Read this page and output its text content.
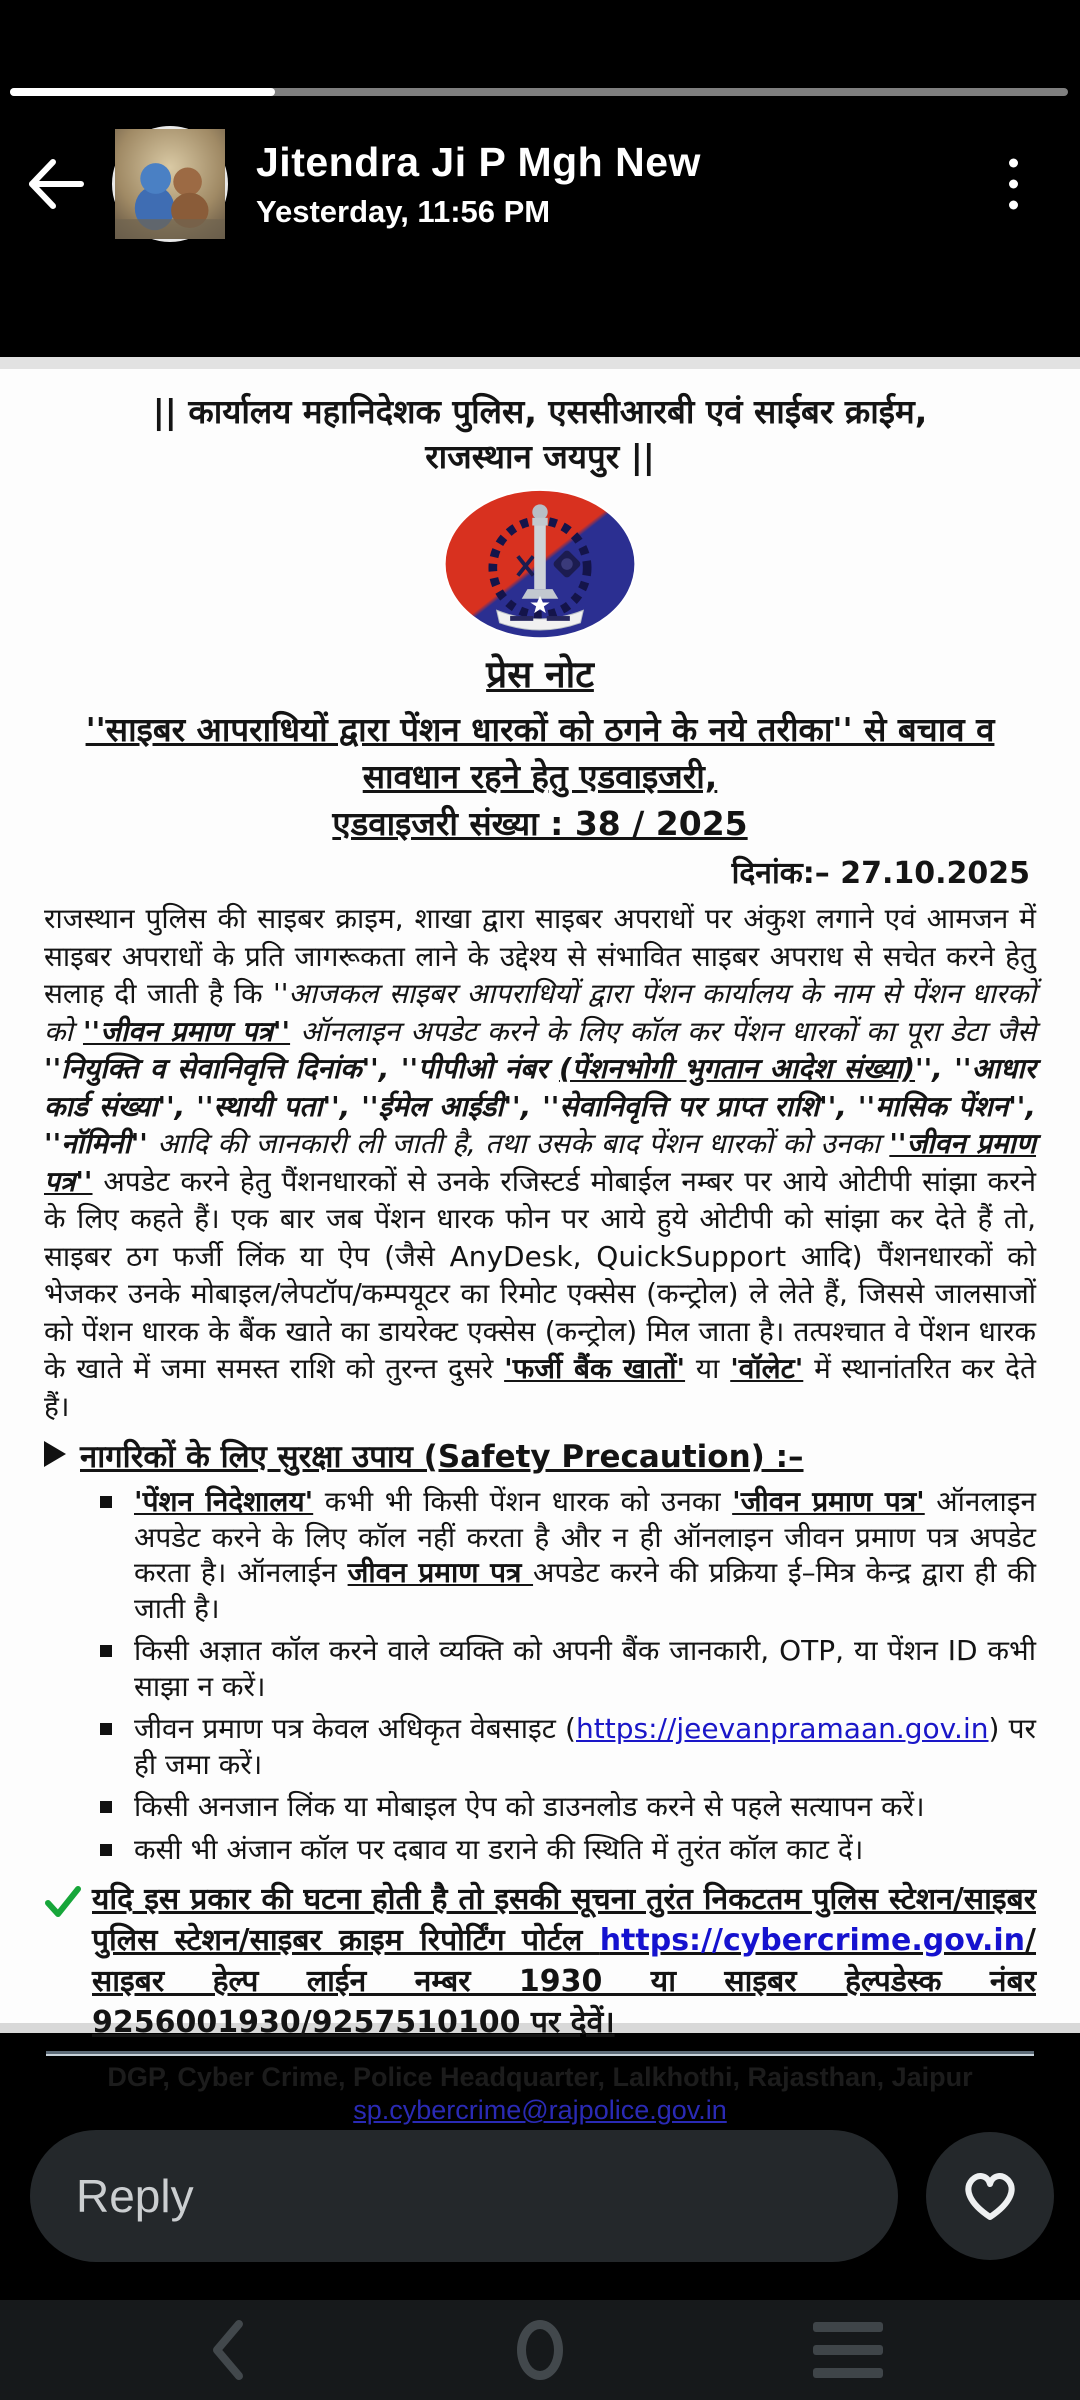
Jitendra Ji P Mgh New
Yesterday, 11:56 PM
|| कार्यालय महानिदेशक पुलिस, एससीआरबी एवं साईबर क्राईम,
राजस्थान जयपुर ||
प्रेस नोट
''साइबर आपराधियों द्वारा पेंशन धारकों को ठगने के नये तरीका'' से बचाव व
सावधान रहने हेतु एडवाइजरी,
एडवाइजरी संख्या : 38 / 2025
दिनांक:– 27.10.2025
राजस्थान पुलिस की साइबर क्राइम, शाखा द्वारा साइबर अपराधों पर अंकुश लगाने एवं आमजन में साइबर अपराधों के प्रति जागरूकता लाने के उद्देश्य से संभावित साइबर अपराध से सचेत करने हेतु सलाह दी जाती है कि ''आजकल साइबर आपराधियों द्वारा पेंशन कार्यालय के नाम से पेंशन धारकों को ''जीवन प्रमाण पत्र'' ऑनलाइन अपडेट करने के लिए कॉल कर पेंशन धारकों का पूरा डेटा जैसे ''नियुक्ति व सेवानिवृत्ति दिनांक'', ''पीपीओ नंबर (पेंशनभोगी भुगतान आदेश संख्या)'', ''आधार कार्ड संख्या'', ''स्थायी पता'', ''ईमेल आईडी'', ''सेवानिवृत्ति पर प्राप्त राशि'', ''मासिक पेंशन'', ''नॉमिनी'' आदि की जानकारी ली जाती है, तथा उसके बाद पेंशन धारकों को उनका ''जीवन प्रमाण पत्र'' अपडेट करने हेतु पैंशनधारकों से उनके रजिस्टर्ड मोबाईल नम्बर पर आये ओटीपी सांझा करने के लिए कहते हैं। एक बार जब पेंशन धारक फोन पर आये हुये ओटीपी को सांझा कर देते हैं तो, साइबर ठग फर्जी लिंक या ऐप (जैसे AnyDesk, QuickSupport आदि) पैंशनधारकों को भेजकर उनके मोबाइल/लेपटॉप/कम्पयूटर का रिमोट एक्सेस (कन्ट्रोल) ले लेते हैं, जिससे जालसाजों को पेंशन धारक के बैंक खाते का डायरेक्ट एक्सेस (कन्ट्रोल) मिल जाता है। तत्पश्चात वे पेंशन धारक के खाते में जमा समस्त राशि को तुरन्त दुसरे 'फर्जी बैंक खातों' या 'वॉलेट' में स्थानांतरित कर देते हैं।
नागरिकों के लिए सुरक्षा उपाय (Safety Precaution) :–
'पेंशन निदेशालय' कभी भी किसी पेंशन धारक को उनका 'जीवन प्रमाण पत्र' ऑनलाइन अपडेट करने के लिए कॉल नहीं करता है और न ही ऑनलाइन जीवन प्रमाण पत्र अपडेट करता है। ऑनलाईन जीवन प्रमाण पत्र अपडेट करने की प्रक्रिया ई–मित्र केन्द्र द्वारा ही की जाती है।
किसी अज्ञात कॉल करने वाले व्यक्ति को अपनी बैंक जानकारी, OTP, या पेंशन ID कभी साझा न करें।
जीवन प्रमाण पत्र केवल अधिकृत वेबसाइट (https://jeevanpramaan.gov.in) पर ही जमा करें।
किसी अनजान लिंक या मोबाइल ऐप को डाउनलोड करने से पहले सत्यापन करें।
कसी भी अंजान कॉल पर दबाव या डराने की स्थिति में तुरंत कॉल काट दें।
यदि इस प्रकार की घटना होती है तो इसकी सूचना तुरंत निकटतम पुलिस स्टेशन/साइबर पुलिस स्टेशन/साइबर क्राइम रिपोर्टिंग पोर्टल https://cybercrime.gov.in/साइबर हेल्प लाईन नम्बर 1930 या साइबर हेल्पडेस्क नंबर 9256001930/9257510100 पर देवें।
DGP, Cyber Crime, Police Headquarter, Lalkhothi, Rajasthan, Jaipur
sp.cybercrime@rajpolice.gov.in
Reply
